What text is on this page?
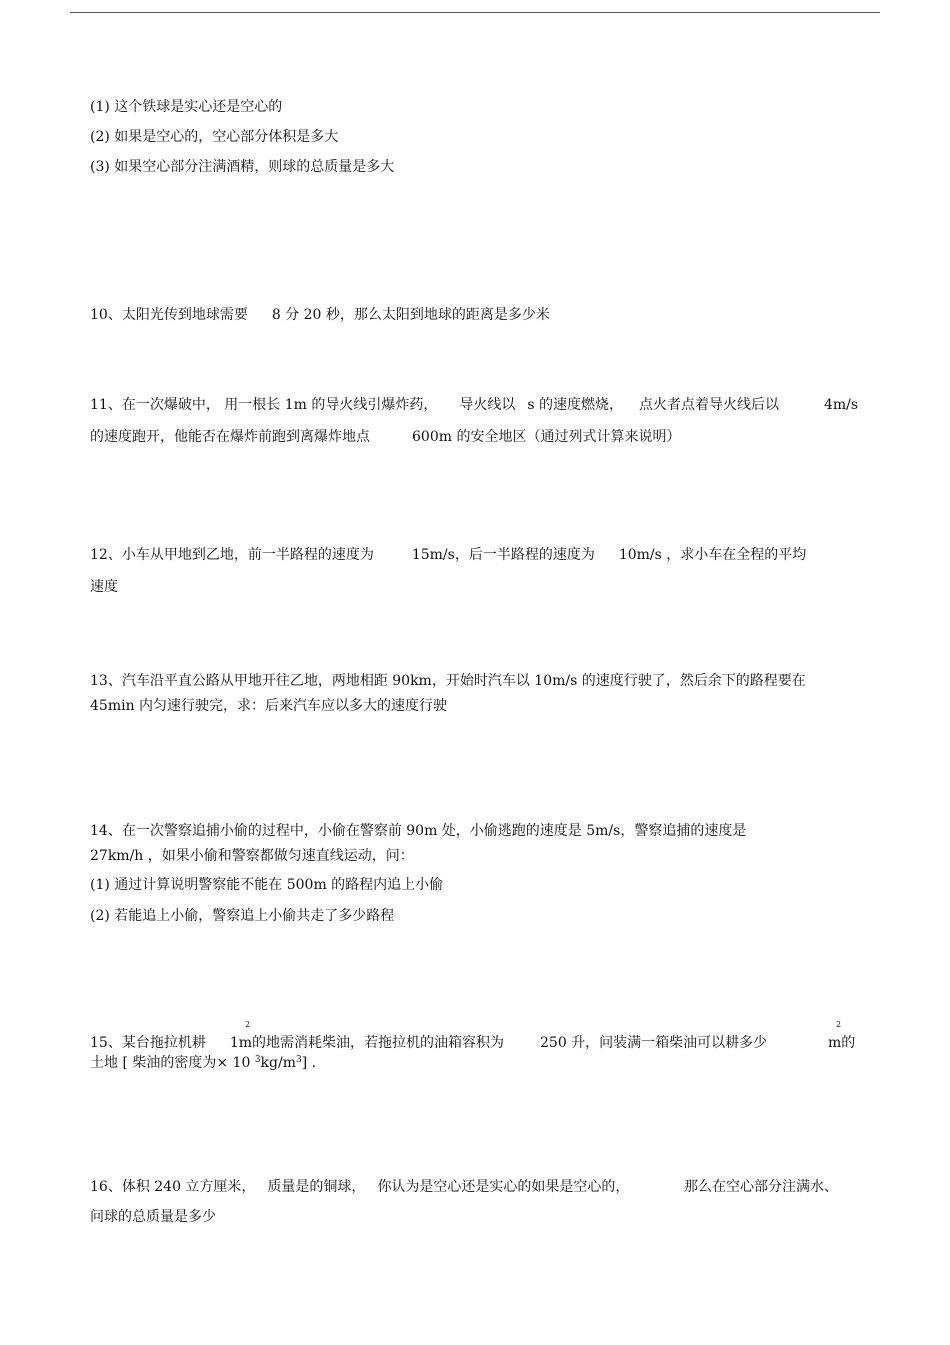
(1) 这个铁球是实心还是空心的
(2) 如果是空心的，空心部分体积是多大
(3) 如果空心部分注满酒精，则球的总质量是多大
10、太阳光传到地球需要 8 分 20 秒，那么太阳到地球的距离是多少米
11、在一次爆破中， 用一根长 1m 的导火线引爆炸药， 导火线以 s 的速度燃烧， 点火者点着导火线后以	4m/s
的速度跑开，他能否在爆炸前跑到离爆炸地点	600m 的安全地区（通过列式计算来说明）
12、小车从甲地到乙地，前一半路程的速度为	15m/s，后一半路程的速度为 10m/s ，求小车在全程的平均
速度
13、汽车沿平直公路从甲地开往乙地，两地相距 90km，开始时汽车以 10m/s 的速度行驶了，然后余下的路程要在
45min 内匀速行驶完，求：后来汽车应以多大的速度行驶
14、在一次警察追捕小偷的过程中，小偷在警察前 90m 处，小偷逃跑的速度是 5m/s，警察追捕的速度是
27km/h ，如果小偷和警察都做匀速直线运动，问：
(1) 通过计算说明警察能不能在 500m 的路程内追上小偷
(2) 若能追上小偷，警察追上小偷共走了多少路程
2	2
15、某台拖拉机耕 1m的地需消耗柴油，若拖拉机的油箱容积为	250 升，问装满一箱柴油可以耕多少	m的
土地 [ 柴油的密度为× 10 $^3kg/m^3$] .
16、体积 240 立方厘米， 质量是的铜球， 你认为是空心还是实心的如果是空心的，	那么在空心部分注满水、
问球的总质量是多少
